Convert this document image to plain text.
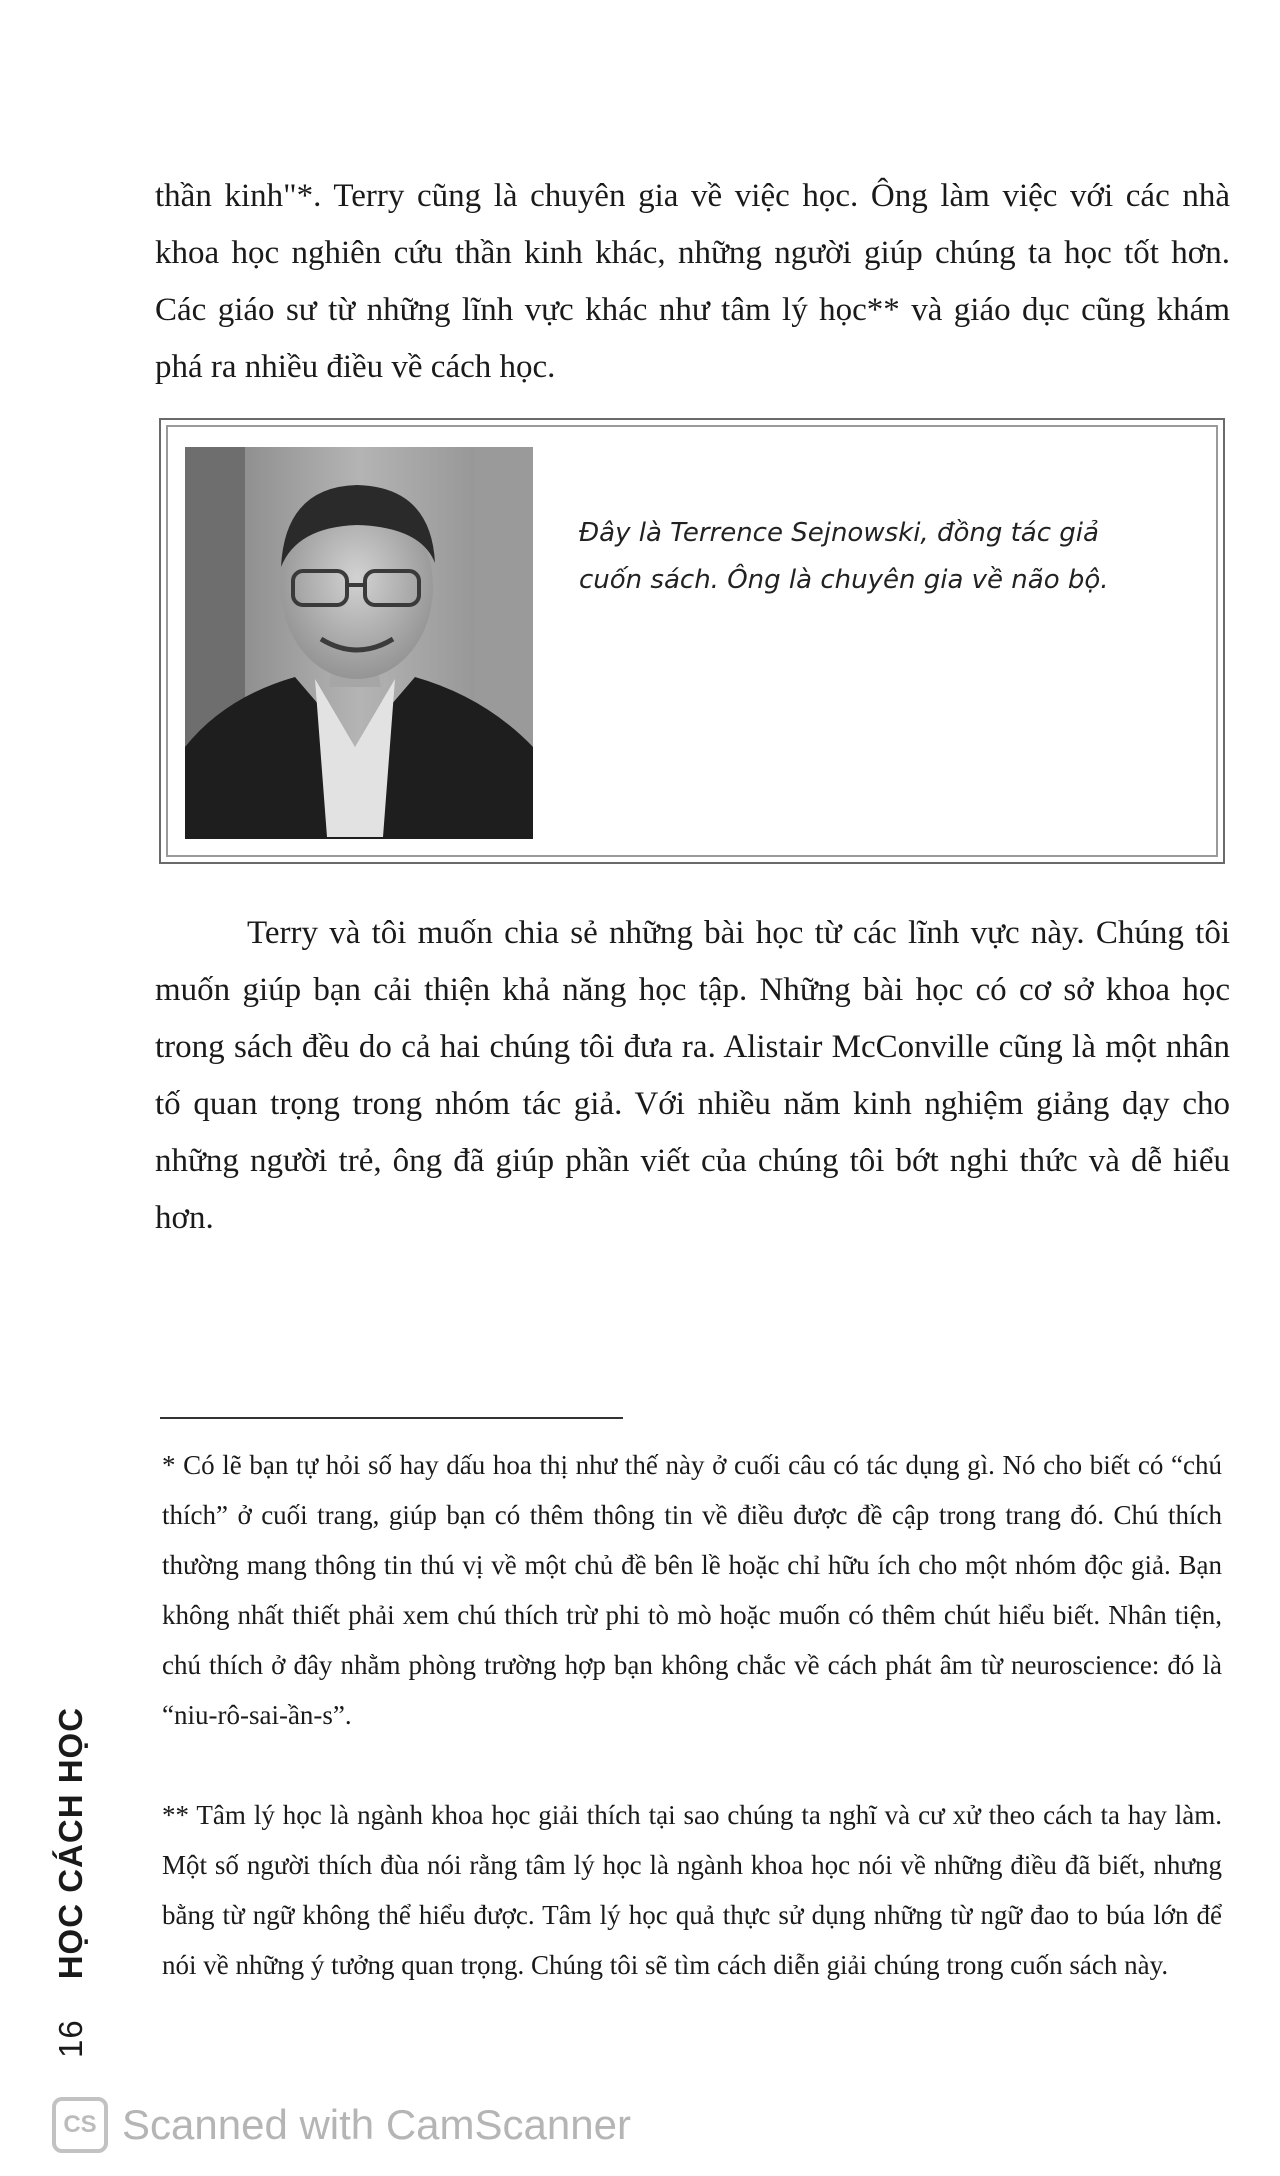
thần kinh"*. Terry cũng là chuyên gia về việc học. Ông làm việc với các nhà khoa học nghiên cứu thần kinh khác, những người giúp chúng ta học tốt hơn. Các giáo sư từ những lĩnh vực khác như tâm lý học** và giáo dục cũng khám phá ra nhiều điều về cách học.

Đây là Terrence Sejnowski, đồng tác giả cuốn sách. Ông là chuyên gia về não bộ.

Terry và tôi muốn chia sẻ những bài học từ các lĩnh vực này. Chúng tôi muốn giúp bạn cải thiện khả năng học tập. Những bài học có cơ sở khoa học trong sách đều do cả hai chúng tôi đưa ra. Alistair McConville cũng là một nhân tố quan trọng trong nhóm tác giả. Với nhiều năm kinh nghiệm giảng dạy cho những người trẻ, ông đã giúp phần viết của chúng tôi bớt nghi thức và dễ hiểu hơn.

* Có lẽ bạn tự hỏi số hay dấu hoa thị như thế này ở cuối câu có tác dụng gì. Nó cho biết có “chú thích” ở cuối trang, giúp bạn có thêm thông tin về điều được đề cập trong trang đó. Chú thích thường mang thông tin thú vị về một chủ đề bên lề hoặc chỉ hữu ích cho một nhóm độc giả. Bạn không nhất thiết phải xem chú thích trừ phi tò mò hoặc muốn có thêm chút hiểu biết. Nhân tiện, chú thích ở đây nhằm phòng trường hợp bạn không chắc về cách phát âm từ neuroscience: đó là “niu-rô-sai-ần-s”.

** Tâm lý học là ngành khoa học giải thích tại sao chúng ta nghĩ và cư xử theo cách ta hay làm. Một số người thích đùa nói rằng tâm lý học là ngành khoa học nói về những điều đã biết, nhưng bằng từ ngữ không thể hiểu được. Tâm lý học quả thực sử dụng những từ ngữ đao to búa lớn để nói về những ý tưởng quan trọng. Chúng tôi sẽ tìm cách diễn giải chúng trong cuốn sách này.

16
HỌC CÁCH HỌC
CS Scanned with CamScanner
